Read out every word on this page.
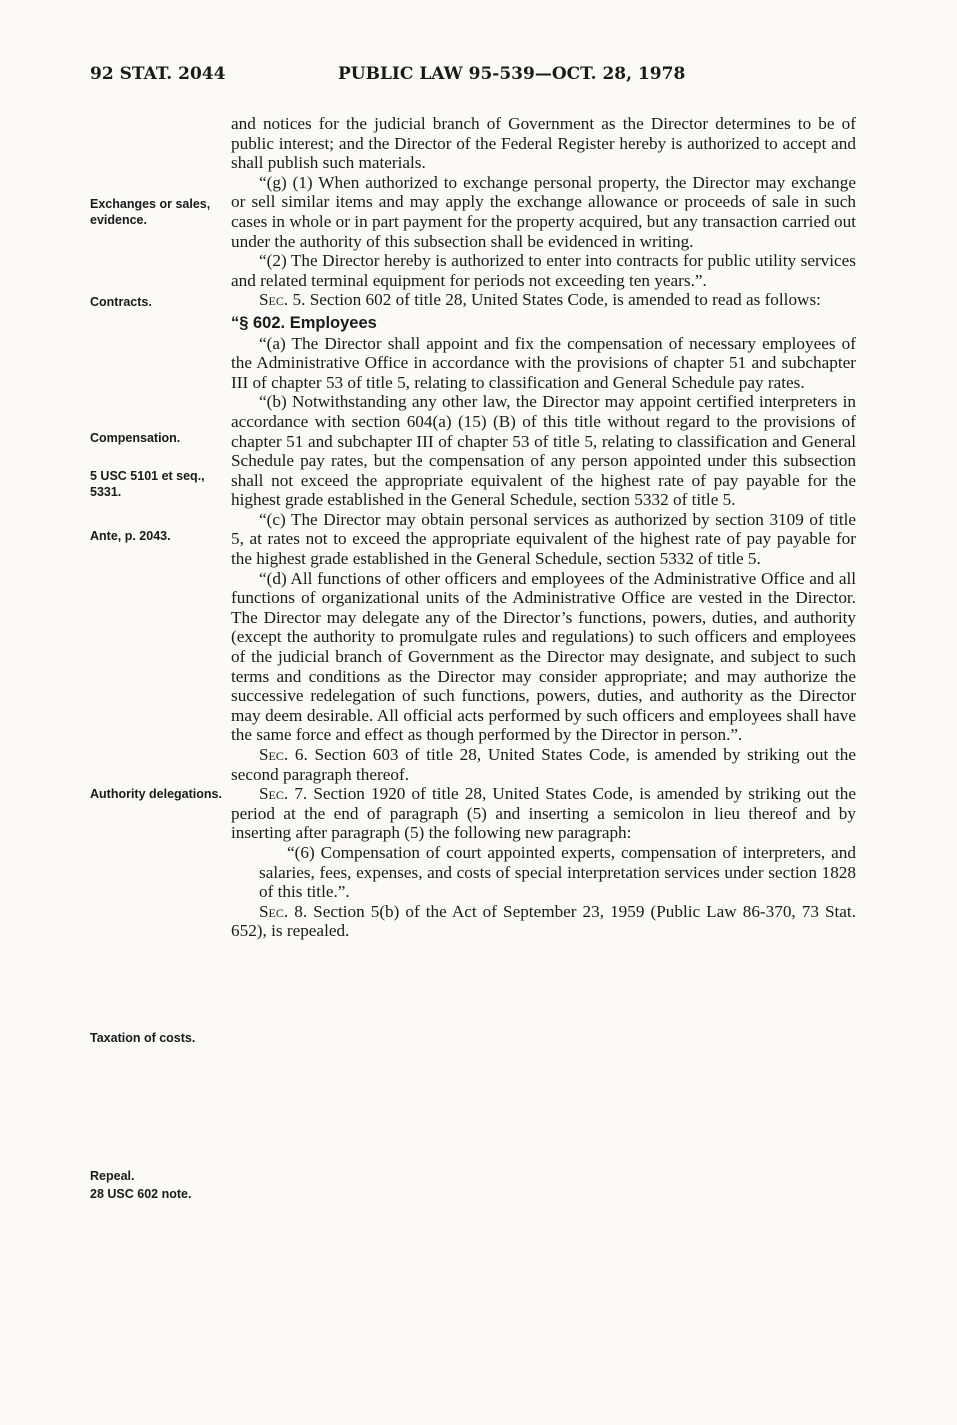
92 STAT. 2044	PUBLIC LAW 95-539—OCT. 28, 1978
Exchanges or sales, evidence.
Contracts.
Compensation.
5 USC 5101 et seq., 5331.
Ante, p. 2043.
Authority delegations.
Taxation of costs.
Repeal.
28 USC 602 note.

and notices for the judicial branch of Government as the Director determines to be of public interest; and the Director of the Federal Register hereby is authorized to accept and shall publish such materials.

“(g) (1) When authorized to exchange personal property, the Director may exchange or sell similar items and may apply the exchange allowance or proceeds of sale in such cases in whole or in part payment for the property acquired, but any transaction carried out under the authority of this subsection shall be evidenced in writing.

“(2) The Director hereby is authorized to enter into contracts for public utility services and related terminal equipment for periods not exceeding ten years.”.

Sec. 5. Section 602 of title 28, United States Code, is amended to read as follows:

“§ 602. Employees

“(a) The Director shall appoint and fix the compensation of necessary employees of the Administrative Office in accordance with the provisions of chapter 51 and subchapter III of chapter 53 of title 5, relating to classification and General Schedule pay rates.

“(b) Notwithstanding any other law, the Director may appoint certified interpreters in accordance with section 604(a) (15) (B) of this title without regard to the provisions of chapter 51 and subchapter III of chapter 53 of title 5, relating to classification and General Schedule pay rates, but the compensation of any person appointed under this subsection shall not exceed the appropriate equivalent of the highest rate of pay payable for the highest grade established in the General Schedule, section 5332 of title 5.

“(c) The Director may obtain personal services as authorized by section 3109 of title 5, at rates not to exceed the appropriate equivalent of the highest rate of pay payable for the highest grade established in the General Schedule, section 5332 of title 5.

“(d) All functions of other officers and employees of the Administrative Office and all functions of organizational units of the Administrative Office are vested in the Director. The Director may delegate any of the Director’s functions, powers, duties, and authority (except the authority to promulgate rules and regulations) to such officers and employees of the judicial branch of Government as the Director may designate, and subject to such terms and conditions as the Director may consider appropriate; and may authorize the successive redelegation of such functions, powers, duties, and authority as the Director may deem desirable. All official acts performed by such officers and employees shall have the same force and effect as though performed by the Director in person.”.

Sec. 6. Section 603 of title 28, United States Code, is amended by striking out the second paragraph thereof.

Sec. 7. Section 1920 of title 28, United States Code, is amended by striking out the period at the end of paragraph (5) and inserting a semicolon in lieu thereof and by inserting after paragraph (5) the following new paragraph:

“(6) Compensation of court appointed experts, compensation of interpreters, and salaries, fees, expenses, and costs of special interpretation services under section 1828 of this title.”.

Sec. 8. Section 5(b) of the Act of September 23, 1959 (Public Law 86-370, 73 Stat. 652), is repealed.
